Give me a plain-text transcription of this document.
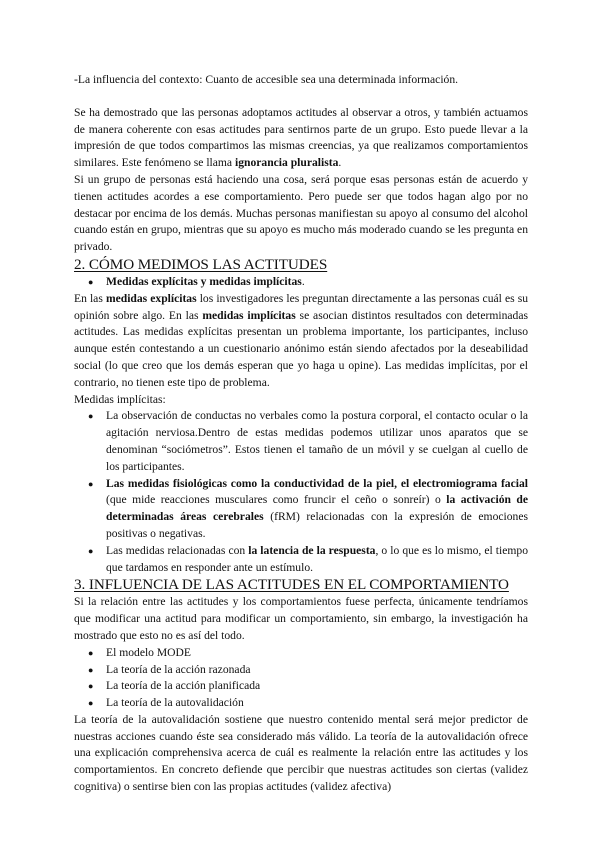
-La influencia del contexto: Cuanto de accesible sea una determinada información.

Se ha demostrado que las personas adoptamos actitudes al observar a otros, y también actuamos de manera coherente con esas actitudes para sentirnos parte de un grupo. Esto puede llevar a la impresión de que todos compartimos las mismas creencias, ya que realizamos comportamientos similares. Este fenómeno se llama ignorancia pluralista.

Si un grupo de personas está haciendo una cosa, será porque esas personas están de acuerdo y tienen actitudes acordes a ese comportamiento. Pero puede ser que todos hagan algo por no destacar por encima de los demás. Muchas personas manifiestan su apoyo al consumo del alcohol cuando están en grupo, mientras que su apoyo es mucho más moderado cuando se les pregunta en privado.

2. CÓMO MEDIMOS LAS ACTITUDES
● Medidas explícitas y medidas implícitas.

En las medidas explícitas los investigadores les preguntan directamente a las personas cuál es su opinión sobre algo. En las medidas implícitas se asocian distintos resultados con determinadas actitudes. Las medidas explícitas presentan un problema importante, los participantes, incluso aunque estén contestando a un cuestionario anónimo están siendo afectados por la deseabilidad social (lo que creo que los demás esperan que yo haga u opine). Las medidas implícitas, por el contrario, no tienen este tipo de problema.

Medidas implícitas:

● La observación de conductas no verbales como la postura corporal, el contacto ocular o la agitación nerviosa.Dentro de estas medidas podemos utilizar unos aparatos que se denominan “sociómetros”. Estos tienen el tamaño de un móvil y se cuelgan al cuello de los participantes.
● Las medidas fisiológicas como la conductividad de la piel, el electromiograma facial (que mide reacciones musculares como fruncir el ceño o sonreír) o la activación de determinadas áreas cerebrales (fRM) relacionadas con la expresión de emociones positivas o negativas.
● Las medidas relacionadas con la latencia de la respuesta, o lo que es lo mismo, el tiempo que tardamos en responder ante un estímulo.
3. INFLUENCIA DE LAS ACTITUDES EN EL COMPORTAMIENTO

Si la relación entre las actitudes y los comportamientos fuese perfecta, únicamente tendríamos que modificar una actitud para modificar un comportamiento, sin embargo, la investigación ha mostrado que esto no es así del todo.

● El modelo MODE
● La teoría de la acción razonada
● La teoría de la acción planificada
● La teoría de la autovalidación

La teoría de la autovalidación sostiene que nuestro contenido mental será mejor predictor de nuestras acciones cuando éste sea considerado más válido. La teoría de la autovalidación ofrece una explicación comprehensiva acerca de cuál es realmente la relación entre las actitudes y los comportamientos. En concreto defiende que percibir que nuestras actitudes son ciertas (validez cognitiva) o sentirse bien con las propias actitudes (validez afectiva)
